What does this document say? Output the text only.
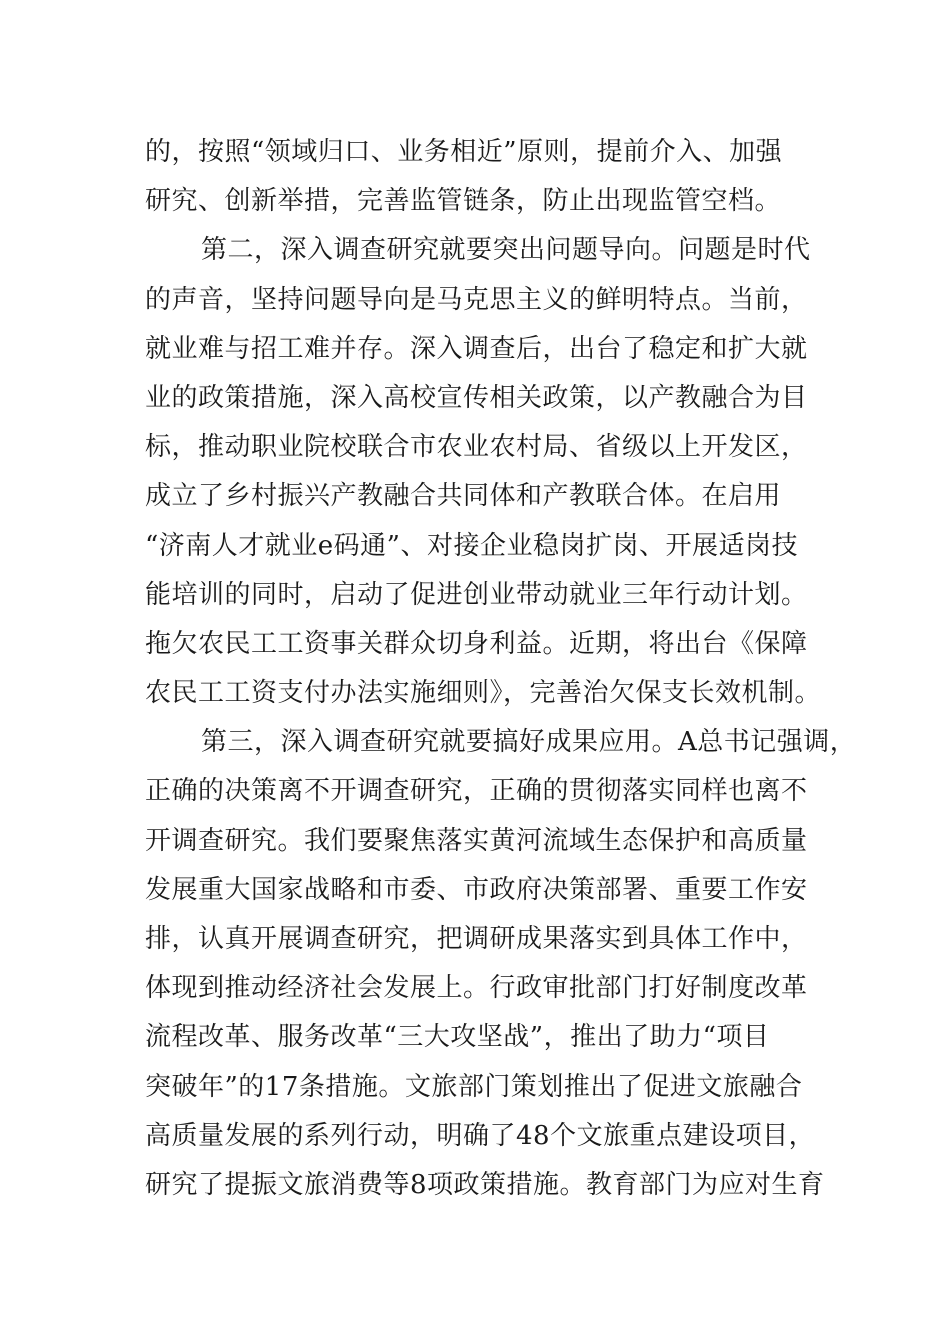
的，按照“领域归口、业务相近”原则，提前介入、加强
研究、创新举措，完善监管链条，防止出现监管空档。
第二，深入调查研究就要突出问题导向。问题是时代
的声音，坚持问题导向是马克思主义的鲜明特点。当前，
就业难与招工难并存。深入调查后，出台了稳定和扩大就
业的政策措施，深入高校宣传相关政策，以产教融合为目
标，推动职业院校联合市农业农村局、省级以上开发区，
成立了乡村振兴产教融合共同体和产教联合体。在启用
“济南人才就业e码通”、对接企业稳岗扩岗、开展适岗技
能培训的同时，启动了促进创业带动就业三年行动计划。
拖欠农民工工资事关群众切身利益。近期，将出台《保障
农民工工资支付办法实施细则》，完善治欠保支长效机制。
第三，深入调查研究就要搞好成果应用。A总书记强调，
正确的决策离不开调查研究，正确的贯彻落实同样也离不
开调查研究。我们要聚焦落实黄河流域生态保护和高质量
发展重大国家战略和市委、市政府决策部署、重要工作安
排，认真开展调查研究，把调研成果落实到具体工作中，
体现到推动经济社会发展上。行政审批部门打好制度改革
流程改革、服务改革“三大攻坚战”，推出了助力“项目
突破年”的17条措施。文旅部门策划推出了促进文旅融合
高质量发展的系列行动，明确了48个文旅重点建设项目，
研究了提振文旅消费等8项政策措施。教育部门为应对生育
